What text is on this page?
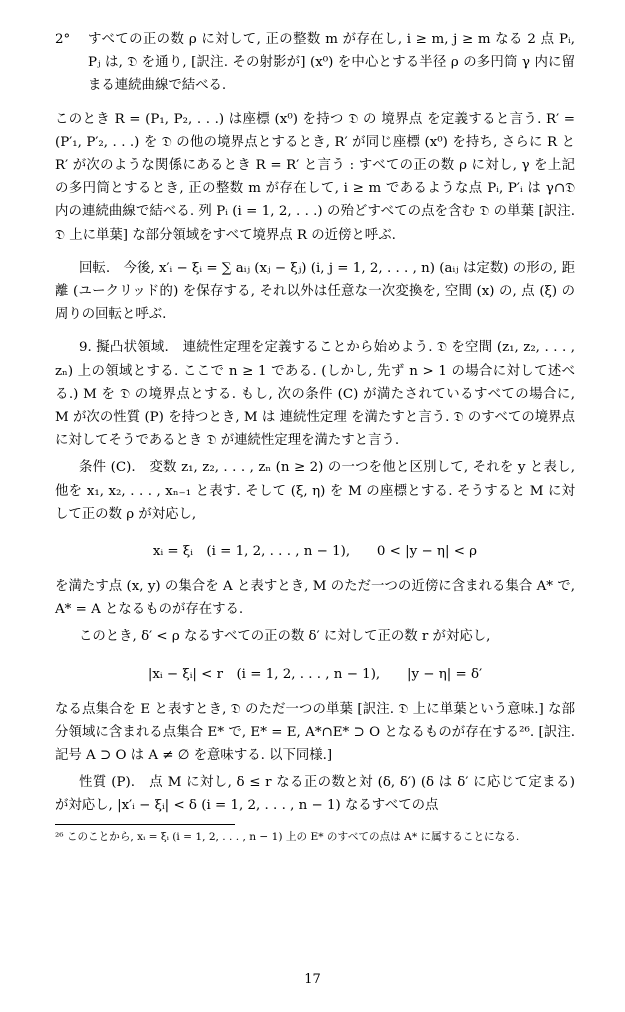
2°	すべての正の数 ρ に対して, 正の整数 m が存在し, i ≥ m, j ≥ m なる 2 点 Pᵢ, Pⱼ は, 𝔇 を通り, [訳注. その射影が] (x⁰) を中心とする半径 ρ の多円筒 γ 内に留まる連続曲線で結べる.

このとき R = (P₁, P₂, . . .) は座標 (x⁰) を持つ 𝔇 の 境界点 を定義すると言う. R′ = (P′₁, P′₂, . . .) を 𝔇 の他の境界点とするとき, R′ が同じ座標 (x⁰) を持ち, さらに R と R′ が次のような関係にあるとき R = R′ と言う : すべての正の数 ρ に対し, γ を上記の多円筒とするとき, 正の整数 m が存在して, i ≥ m であるような点 Pᵢ, P′ᵢ は γ∩𝔇 内の連続曲線で結べる. 列 Pᵢ (i = 1, 2, . . .) の殆どすべての点を含む 𝔇 の単葉 [訳注. 𝔇 上に単葉] な部分領域をすべて境界点 R の近傍と呼ぶ.

回転.　今後, x′ᵢ − ξᵢ = ∑ aᵢⱼ (xⱼ − ξⱼ) (i, j = 1, 2, . . . , n) (aᵢⱼ は定数) の形の, 距離 (ユークリッド的) を保存する, それ以外は任意な一次変換を, 空間 (x) の, 点 (ξ) の周りの回転と呼ぶ.

9. 擬凸状領域.　連続性定理を定義することから始めよう. 𝔇 を空間 (z₁, z₂, . . . , zₙ) 上の領域とする. ここで n ≥ 1 である. (しかし, 先ず n > 1 の場合に対して述べる.) M を 𝔇 の境界点とする. もし, 次の条件 (C) が満たされているすべての場合に, M が次の性質 (P) を持つとき, M は 連続性定理 を満たすと言う. 𝔇 のすべての境界点に対してそうであるとき 𝔇 が連続性定理を満たすと言う.

条件 (C).　変数 z₁, z₂, . . . , zₙ (n ≥ 2) の一つを他と区別して, それを y と表し, 他を x₁, x₂, . . . , xₙ₋₁ と表す. そして (ξ, η) を M の座標とする. そうすると M に対して正の数 ρ が対応し,

xᵢ = ξᵢ　(i = 1, 2, . . . , n − 1),　　0 < |y − η| < ρ

を満たす点 (x, y) の集合を A と表すとき, M のただ一つの近傍に含まれる集合 A* で, A* = A となるものが存在する.

このとき, δ′ < ρ なるすべての正の数 δ′ に対して正の数 r が対応し,

|xᵢ − ξᵢ| < r　(i = 1, 2, . . . , n − 1),　　|y − η| = δ′

なる点集合を E と表すとき, 𝔇 のただ一つの単葉 [訳注. 𝔇 上に単葉という意味.] な部分領域に含まれる点集合 E* で, E* = E, A*∩E* ⊃ O となるものが存在する²⁶. [訳注. 記号 A ⊃ O は A ≠ ∅ を意味する. 以下同様.]

性質 (P).　点 M に対し, δ ≤ r なる正の数と対 (δ, δ′) (δ は δ′ に応じて定まる) が対応し, |x′ᵢ − ξᵢ| < δ (i = 1, 2, . . . , n − 1) なるすべての点

²⁶ このことから, xᵢ = ξᵢ (i = 1, 2, . . . , n − 1) 上の E* のすべての点は A* に属することになる.

17
